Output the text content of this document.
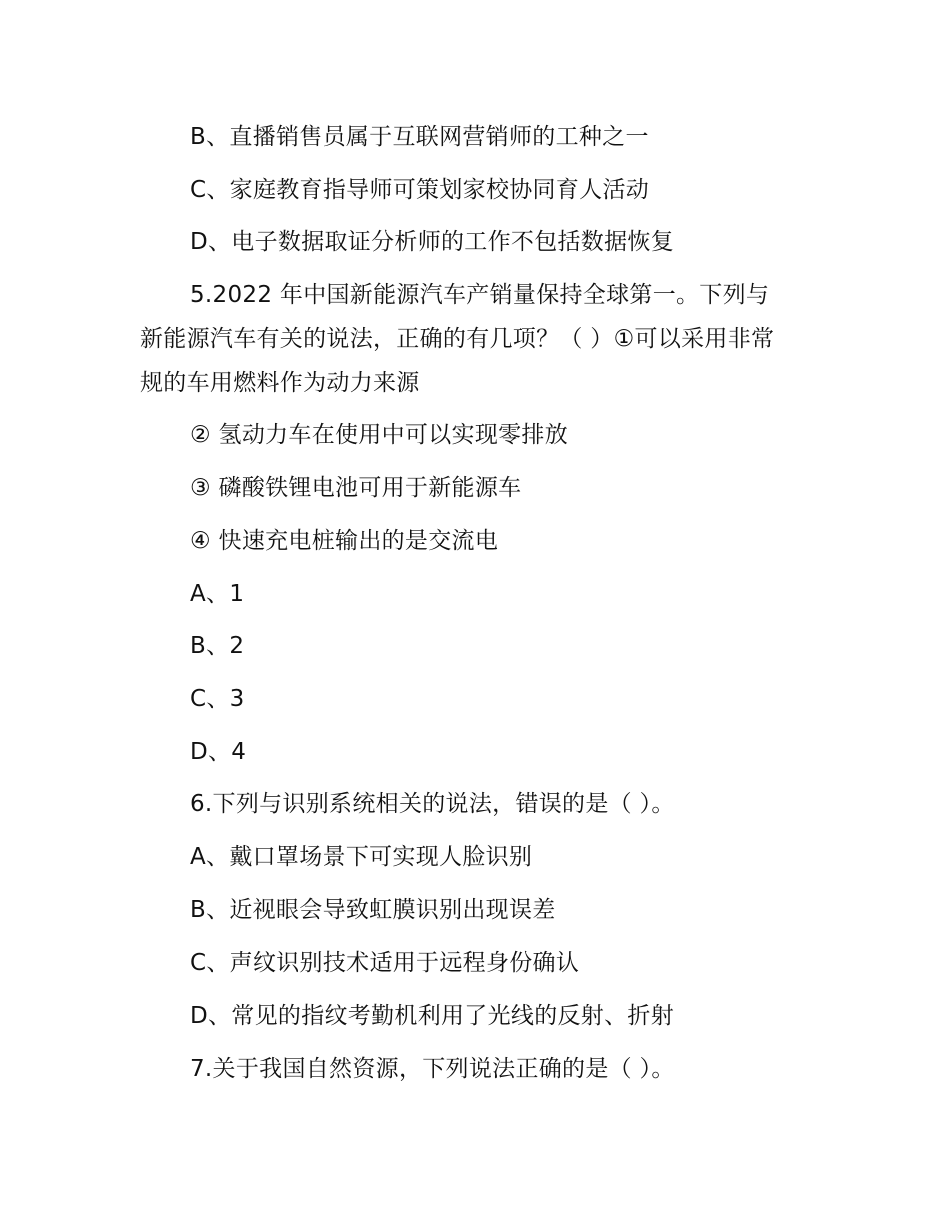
B、直播销售员属于互联网营销师的工种之一
C、家庭教育指导师可策划家校协同育人活动
D、电子数据取证分析师的工作不包括数据恢复
5.2022 年中国新能源汽车产销量保持全球第一。下列与
新能源汽车有关的说法，正确的有几项？（ ）①可以采用非常
规的车用燃料作为动力来源
② 氢动力车在使用中可以实现零排放
③ 磷酸铁锂电池可用于新能源车
④ 快速充电桩输出的是交流电
A、1
B、2
C、3
D、4
6.下列与识别系统相关的说法，错误的是（ ）。
A、戴口罩场景下可实现人脸识别
B、近视眼会导致虹膜识别出现误差
C、声纹识别技术适用于远程身份确认
D、常见的指纹考勤机利用了光线的反射、折射
7.关于我国自然资源，下列说法正确的是（ ）。
